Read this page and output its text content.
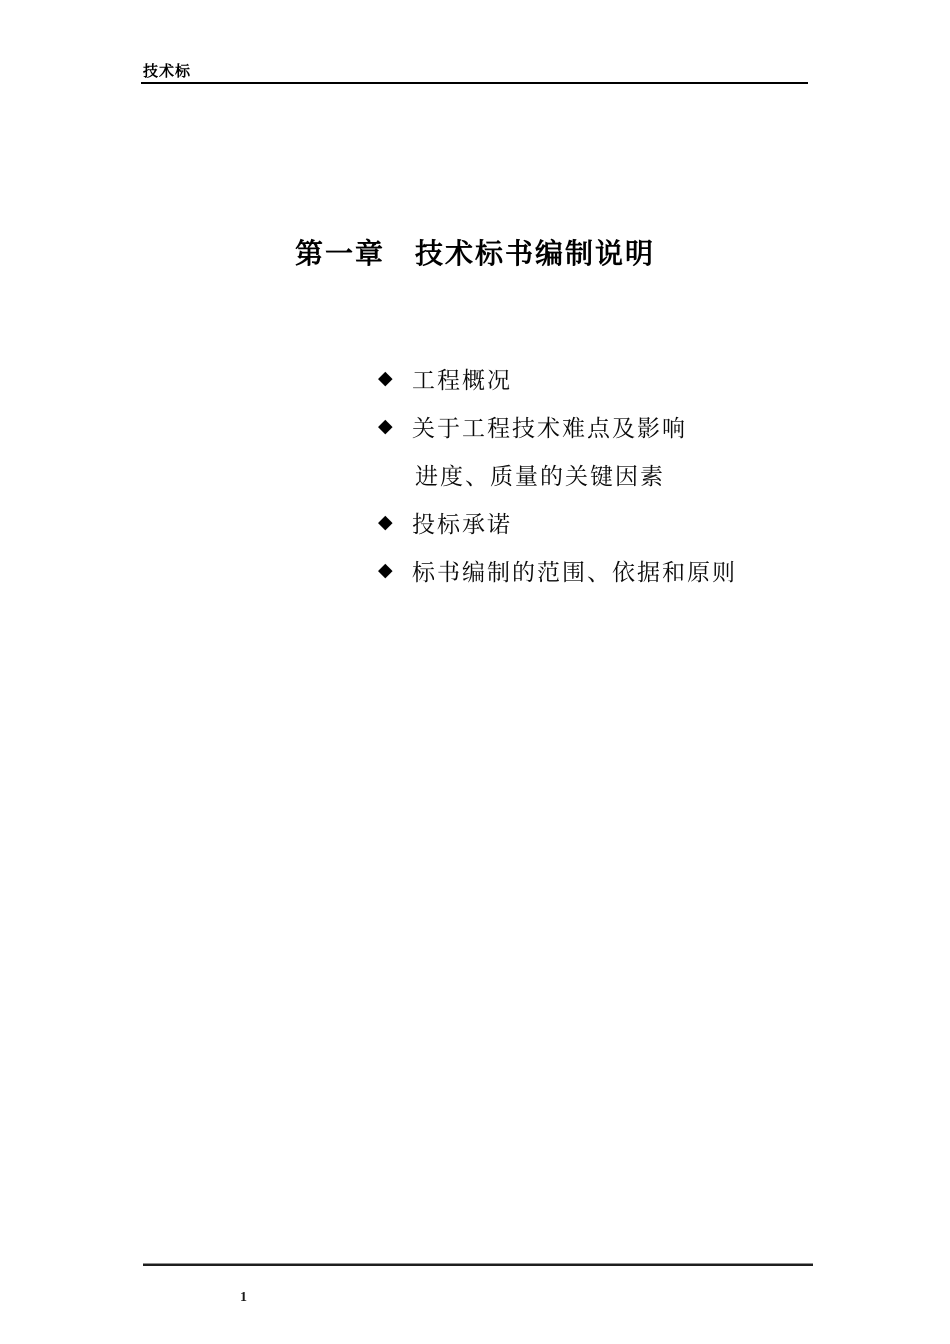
技术标
第一章　技术标书编制说明
◆ 工程概况
◆ 关于工程技术难点及影响
进度、质量的关键因素
◆ 投标承诺
◆ 标书编制的范围、依据和原则
1
